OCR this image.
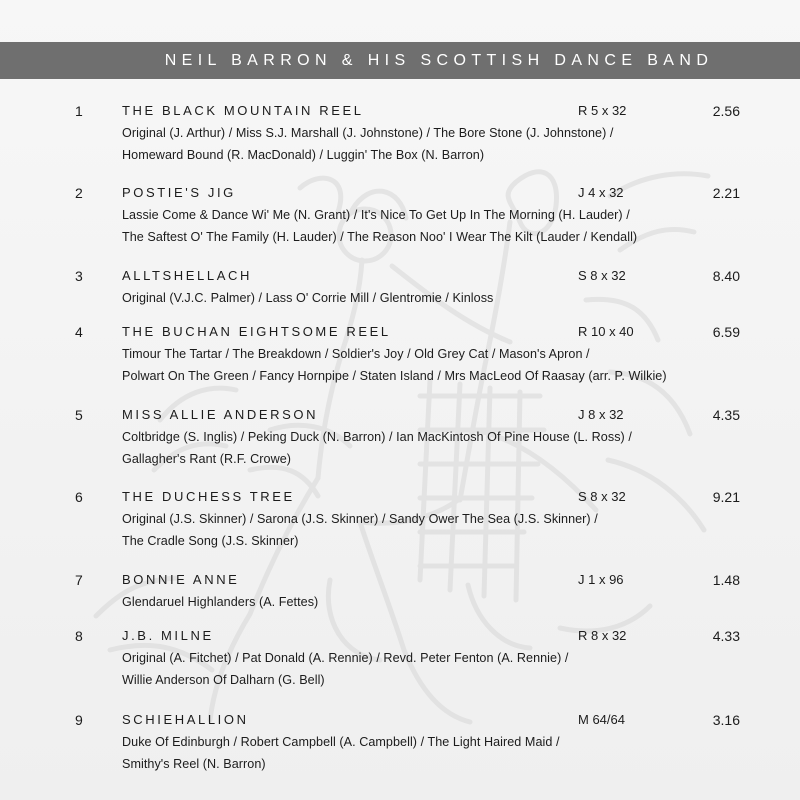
NEIL BARRON & HIS SCOTTISH DANCE BAND
1	THE BLACK MOUNTAIN REEL	R 5 x 32	2.56
Original (J. Arthur) / Miss S.J. Marshall (J. Johnstone) / The Bore Stone (J. Johnstone) /
Homeward Bound (R. MacDonald) / Luggin' The Box (N. Barron)
2	POSTIE'S JIG	J 4 x 32	2.21
Lassie Come & Dance Wi' Me (N. Grant) / It's Nice To Get Up In The Morning (H. Lauder) /
The Saftest O' The Family (H. Lauder) / The Reason Noo' I Wear The Kilt (Lauder / Kendall)
3	ALLTSHELLACH	S 8 x 32	8.40
Original (V.J.C. Palmer) / Lass O' Corrie Mill / Glentromie / Kinloss
4	THE BUCHAN EIGHTSOME REEL	R 10 x 40	6.59
Timour The Tartar / The Breakdown / Soldier's Joy / Old Grey Cat / Mason's Apron /
Polwart On The Green / Fancy Hornpipe / Staten Island / Mrs MacLeod Of Raasay (arr. P. Wilkie)
5	MISS ALLIE ANDERSON	J 8 x 32	4.35
Coltbridge (S. Inglis) / Peking Duck (N. Barron) / Ian MacKintosh Of Pine House (L. Ross) /
Gallagher's Rant (R.F. Crowe)
6	THE DUCHESS TREE	S 8 x 32	9.21
Original (J.S. Skinner) / Sarona (J.S. Skinner) / Sandy Ower The Sea (J.S. Skinner) /
The Cradle Song (J.S. Skinner)
7	BONNIE ANNE	J 1 x 96	1.48
Glendaruel Highlanders (A. Fettes)
8	J.B. MILNE	R 8 x 32	4.33
Original (A. Fitchet) / Pat Donald (A. Rennie) / Revd. Peter Fenton (A. Rennie) /
Willie Anderson Of Dalharn (G. Bell)
9	SCHIEHALLION	M 64/64	3.16
Duke Of Edinburgh / Robert Campbell (A. Campbell) / The Light Haired Maid /
Smithy's Reel (N. Barron)
